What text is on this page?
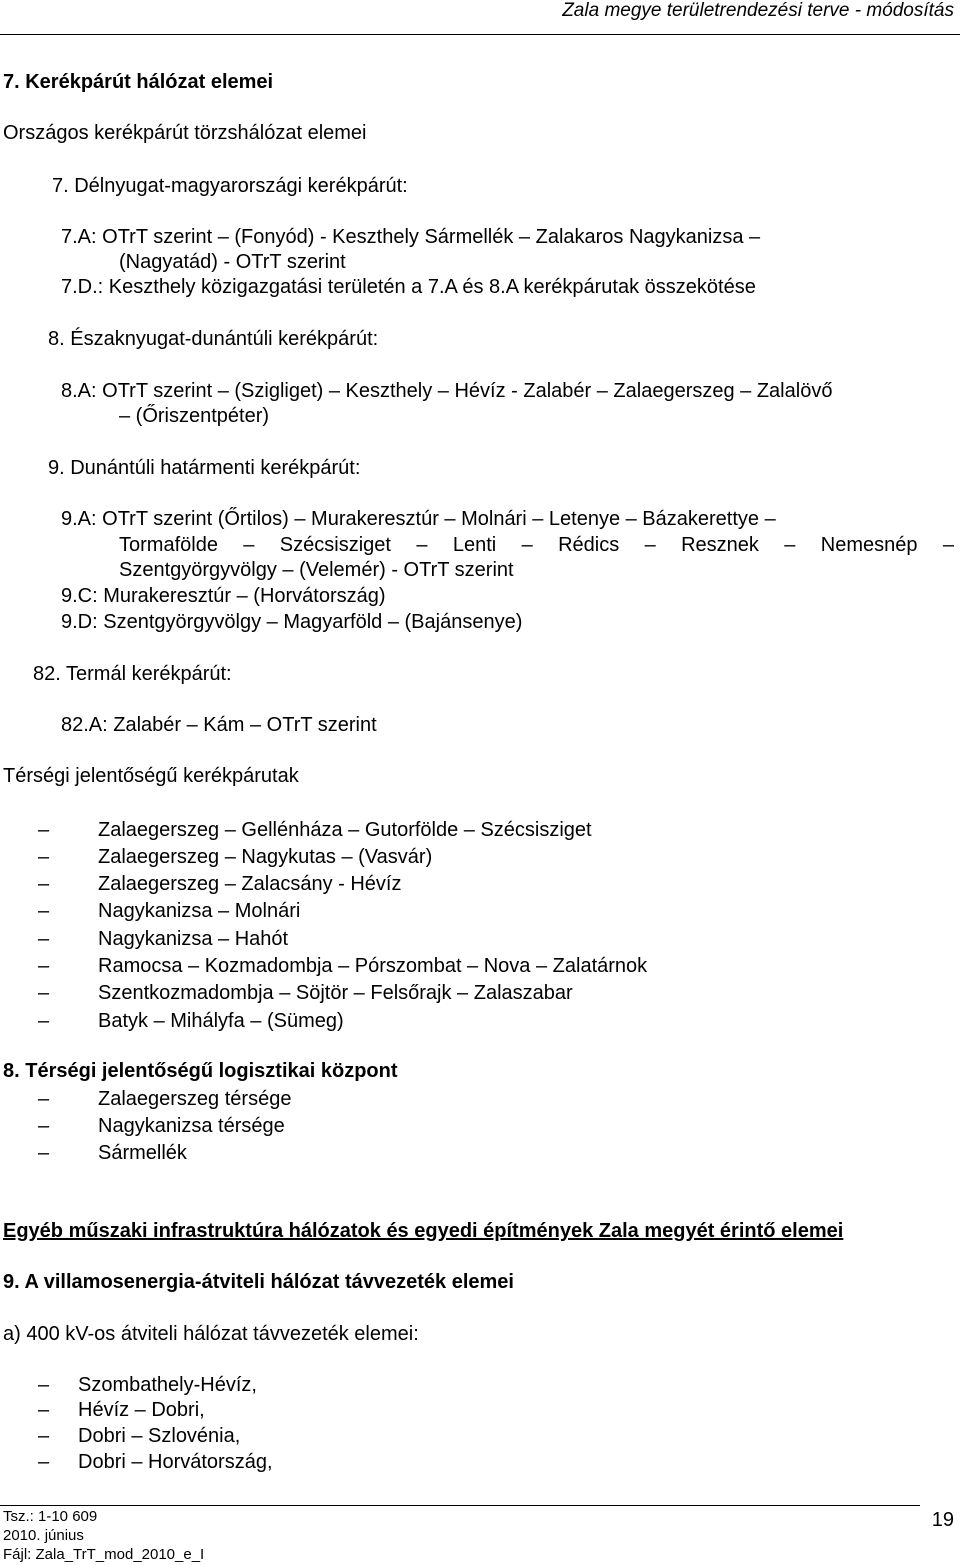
Zala megye területrendezési terve - módosítás
7. Kerékpárút hálózat elemei
Országos kerékpárút törzshálózat elemei
7. Délnyugat-magyarországi kerékpárút:
7.A: OTrT szerint – (Fonyód) - Keszthely Sármellék – Zalakaros Nagykanizsa –
(Nagyatád) - OTrT szerint
7.D.: Keszthely közigazgatási területén a 7.A és 8.A kerékpárutak összekötése
8. Északnyugat-dunántúli kerékpárút:
8.A: OTrT szerint – (Szigliget) – Keszthely – Hévíz - Zalabér – Zalaegerszeg – Zalalövő
– (Őriszentpéter)
9. Dunántúli határmenti kerékpárút:
9.A: OTrT szerint (Őrtilos) – Murakeresztúr – Molnári – Letenye – Bázakerettye –
Tormafölde – Szécsisziget – Lenti – Rédics – Resznek – Nemesnép –
Szentgyörgyvölgy – (Velemér) - OTrT szerint
9.C: Murakeresztúr – (Horvátország)
9.D: Szentgyörgyvölgy – Magyarföld – (Bajánsenye)
82. Termál kerékpárút:
82.A: Zalabér – Kám – OTrT szerint
Térségi jelentőségű kerékpárutak
– Zalaegerszeg – Gellénháza – Gutorfölde – Szécsisziget
– Zalaegerszeg – Nagykutas – (Vasvár)
– Zalaegerszeg – Zalacsány - Hévíz
– Nagykanizsa – Molnári
– Nagykanizsa – Hahót
– Ramocsa – Kozmadombja – Pórszombat – Nova – Zalatárnok
– Szentkozmadombja – Söjtör – Felsőrajk – Zalaszabar
– Batyk – Mihályfa – (Sümeg)
8. Térségi jelentőségű logisztikai központ
– Zalaegerszeg térsége
– Nagykanizsa térsége
– Sármellék
Egyéb műszaki infrastruktúra hálózatok és egyedi építmények Zala megyét érintő elemei
9. A villamosenergia-átviteli hálózat távvezeték elemei
a) 400 kV-os átviteli hálózat távvezeték elemei:
– Szombathely-Hévíz,
– Hévíz – Dobri,
– Dobri – Szlovénia,
– Dobri – Horvátország,
Tsz.: 1-10 609
2010. június
Fájl: Zala_TrT_mod_2010_e_I
19
